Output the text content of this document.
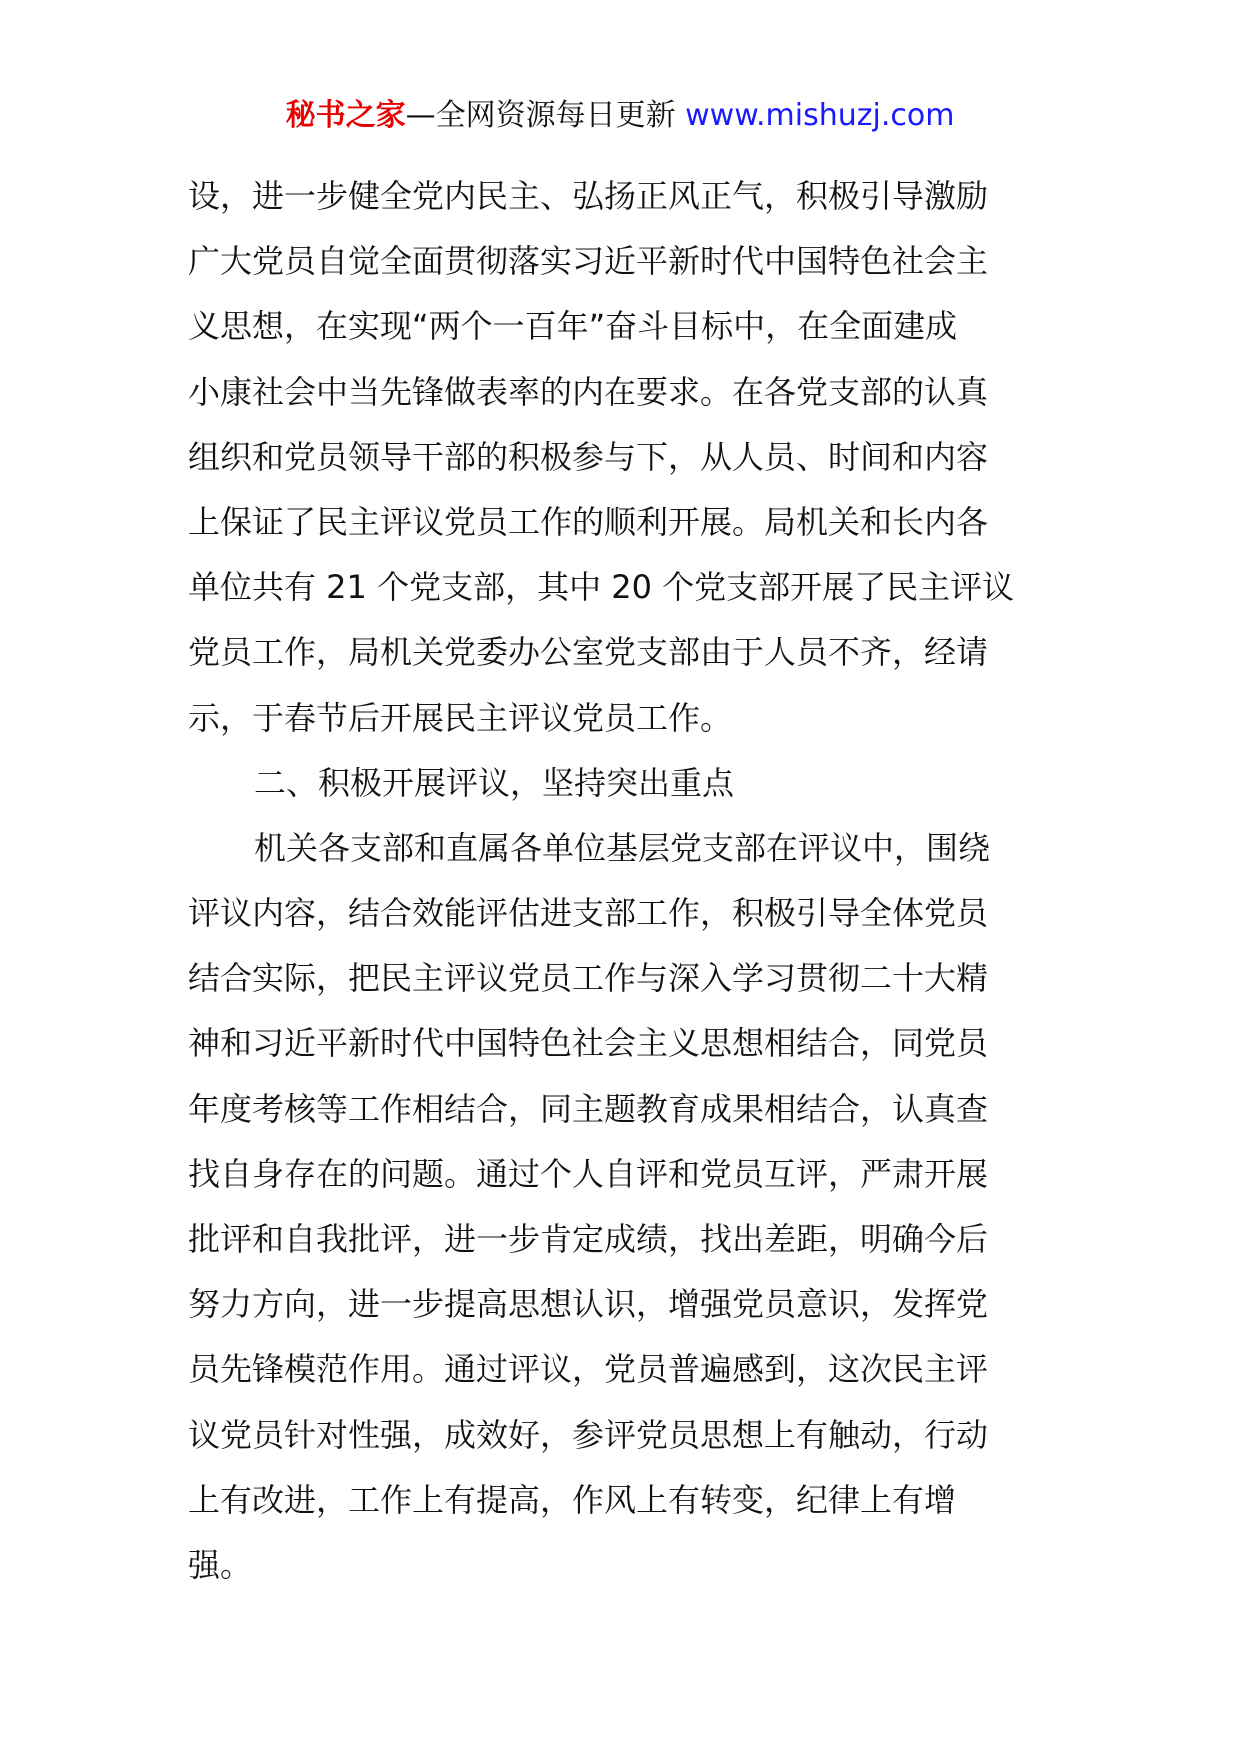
秘书之家—全网资源每日更新 www.mishuzj.com
设，进一步健全党内民主、弘扬正风正气，积极引导激励
广大党员自觉全面贯彻落实习近平新时代中国特色社会主
义思想，在实现“两个一百年”奋斗目标中，在全面建成
小康社会中当先锋做表率的内在要求。在各党支部的认真
组织和党员领导干部的积极参与下，从人员、时间和内容
上保证了民主评议党员工作的顺利开展。局机关和长内各
单位共有 21 个党支部，其中 20 个党支部开展了民主评议
党员工作，局机关党委办公室党支部由于人员不齐，经请
示，于春节后开展民主评议党员工作。
二、积极开展评议，坚持突出重点
机关各支部和直属各单位基层党支部在评议中，围绕
评议内容，结合效能评估进支部工作，积极引导全体党员
结合实际，把民主评议党员工作与深入学习贯彻二十大精
神和习近平新时代中国特色社会主义思想相结合，同党员
年度考核等工作相结合，同主题教育成果相结合，认真查
找自身存在的问题。通过个人自评和党员互评，严肃开展
批评和自我批评，进一步肯定成绩，找出差距，明确今后
努力方向，进一步提高思想认识，增强党员意识，发挥党
员先锋模范作用。通过评议，党员普遍感到，这次民主评
议党员针对性强，成效好，参评党员思想上有触动，行动
上有改进，工作上有提高，作风上有转变，纪律上有增
强。
